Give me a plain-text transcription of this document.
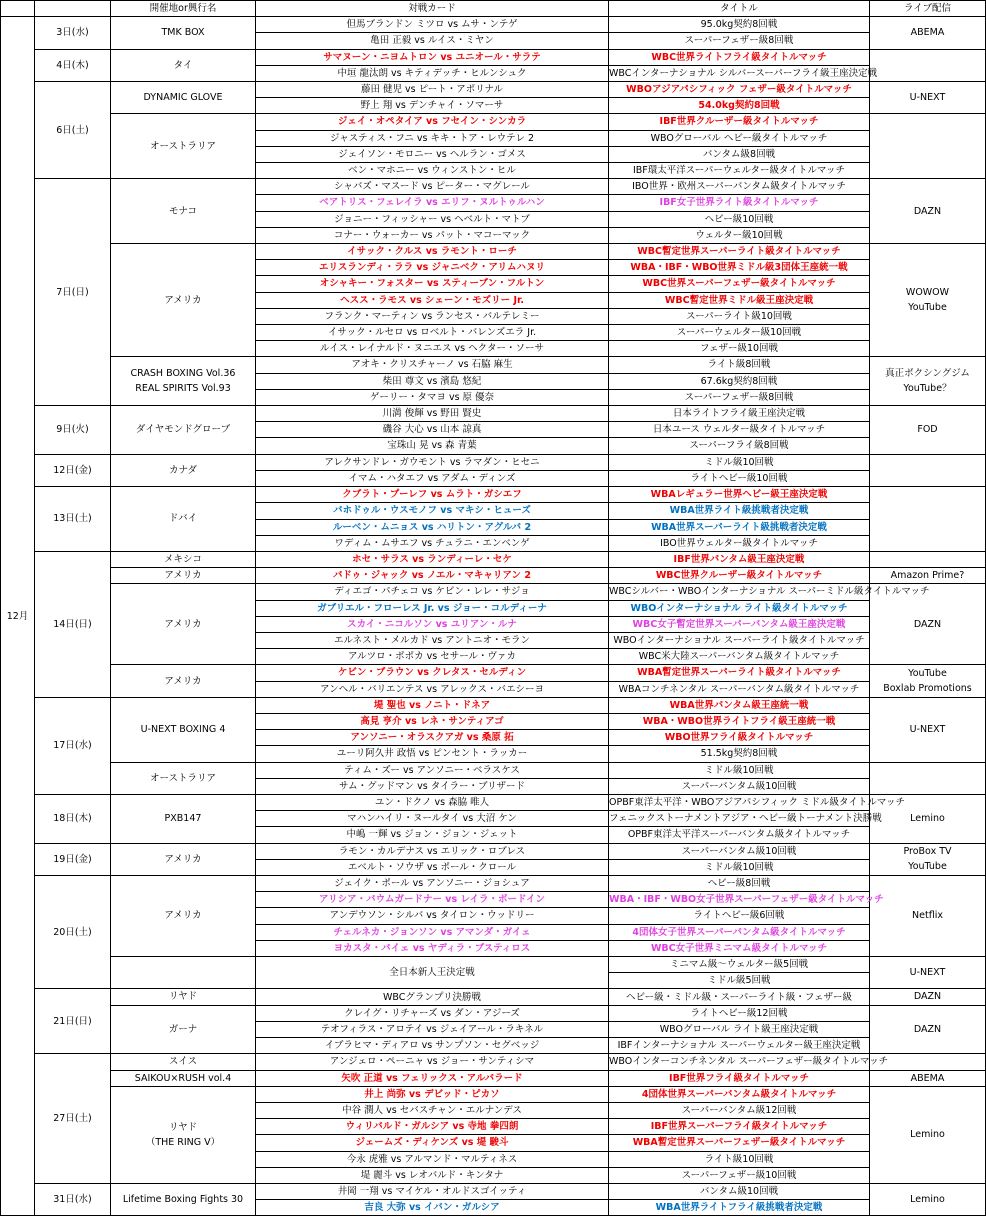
		開催地or興行名	対戦カード	タイトル	ライブ配信
12月	3日(水)	TMK BOX	但馬ブランドン ミツロ vs ムサ・ンテゲ	95.0kg契約8回戦	ABEMA

			亀田 正毅 vs ルイス・ミヤン	スーパーフェザー級8回戦	
	4日(木)	タイ	サマヌーン・ニヨムトロン vs ユニオール・サラテ	WBC世界ライトフライ級タイトルマッチ	
			中垣 龍汰朗 vs キティデッチ・ヒルンシュク	WBCインターナショナル シルバースーパーフライ級王座決定戦	
	6日(土)	DYNAMIC GLOVE	藤田 健児 vs ピート・アポリナル	WBOアジアパシフィック フェザー級タイトルマッチ	U-NEXT

			野上 翔 vs デンチャイ・ソマーサ	54.0kg契約8回戦	

		オーストラリア	ジェイ・オペタイア vs フセイン・シンカラ	IBF世界クルーザー級タイトルマッチ	
			ジャスティス・フニ vs キキ・トア・レウテレ 2	WBOグローバル ヘビー級タイトルマッチ	
			ジェイソン・モロニー vs ヘルラン・ゴメス	バンタム級8回戦	
			ベン・マホニー vs ウィンストン・ヒル	IBF環太平洋スーパーウェルター級タイトルマッチ	
	7日(日)	モナコ	シャバズ・マスード vs ピーター・マグレール	IBO世界・欧州スーパーバンタム級タイトルマッチ	DAZN

			ベアトリス・フェレイラ vs エリフ・ヌルトゥルハン	IBF女子世界ライト級タイトルマッチ	
			ジョニー・フィッシャー vs ヘベルト・マトブ	ヘビー級10回戦	
			コナー・ウォーカー vs パット・マコーマック	ウェルター級10回戦	

		アメリカ	イサック・クルス vs ラモント・ローチ	WBC暫定世界スーパーライト級タイトルマッチ	WOWOW
YouTube

			エリスランディ・ララ vs ジャニベク・アリムハヌリ	WBA・IBF・WBO世界ミドル級3団体王座統一戦	
			オシャキー・フォスター vs スティーブン・フルトン	WBC世界スーパーフェザー級タイトルマッチ	
			ヘスス・ラモス vs シェーン・モズリー Jr.	WBC暫定世界ミドル級王座決定戦	
			フランク・マーティン vs ランセス・バルテレミー	スーパーライト級10回戦	
			イサック・ルセロ vs ロベルト・バレンズエラ Jr.	スーパーウェルター級10回戦	
			ルイス・レイナルド・ヌニエス vs ヘクター・ソーサ	フェザー級10回戦	

		CRASH BOXING Vol.36
REAL SPIRITS Vol.93	アオキ・クリスチャーノ vs 石脇 麻生	ライト級8回戦	真正ボクシングジム
YouTube？

			柴田 尊文 vs 濱島 悠紀	67.6kg契約8回戦	
			ゲーリー・タマヨ vs 原 優奈	スーパーフェザー級8回戦	
	9日(火)	ダイヤモンドグローブ	川満 俊輝 vs 野田 賢史	日本ライトフライ級王座決定戦	FOD

			磯谷 大心 vs 山本 諒真	日本ユース ウェルター級タイトルマッチ	
			宝珠山 晃 vs 森 青葉	スーパーフライ級8回戦	
	12日(金)	カナダ	アレクサンドレ・ガウモント vs ラマダン・ヒセニ	ミドル級10回戦	
			イマム・ハタエフ vs アダム・ディンズ	ライトヘビー級10回戦	
	13日(土)	ドバイ	クブラト・プーレフ vs ムラト・ガシエフ	WBAレギュラー世界ヘビー級王座決定戦	
			バホドゥル・ウスモノフ vs マキシ・ヒューズ	WBA世界ライト級挑戦者決定戦	
			ルーベン・ムニョス vs ハリトン・アグルバ 2	WBA世界スーパーライト級挑戦者決定戦	
			ワディム・ムサエフ vs チュラニ・エンベンゲ	IBO世界ウェルター級タイトルマッチ	
	14日(日)	メキシコ	ホセ・サラス vs ランディーレ・セケ	IBF世界バンタム級王座決定戦	

		アメリカ	バドゥ・ジャック vs ノエル・マキャリアン 2	WBC世界クルーザー級タイトルマッチ	Amazon Prime?

		アメリカ	ディエゴ・パチェコ vs ケビン・レレ・サジョ	WBCシルバー・WBOインターナショナル スーパーミドル級タイトルマッチ	DAZN

			ガブリエル・フローレス Jr. vs ジョー・コルディーナ	WBOインターナショナル ライト級タイトルマッチ	
			スカイ・ニコルソン vs ユリアン・ルナ	WBC女子暫定世界スーパーバンタム級王座決定戦	
			エルネスト・メルカド vs アントニオ・モラン	WBOインターナショナル スーパーライト級タイトルマッチ	
			アルツロ・ポポカ vs セサール・ヴァカ	WBC米大陸スーパーバンタム級タイトルマッチ	

		アメリカ	ケビン・ブラウン vs クレタス・セルディン	WBA暫定世界スーパーライト級タイトルマッチ	YouTube
Boxlab Promotions

			アンヘル・バリエンテス vs アレックス・バエシーヨ	WBAコンチネンタル スーパーバンタム級タイトルマッチ	
	17日(水)	U-NEXT BOXING 4	堤 聖也 vs ノニト・ドネア	WBA世界バンタム級王座統一戦	U-NEXT

			高見 亨介 vs レネ・サンティアゴ	WBA・WBO世界ライトフライ級王座統一戦	
			アンソニー・オラスクアガ vs 桑原 拓	WBO世界フライ級タイトルマッチ	
			ユーリ阿久井 政悟 vs ピンセント・ラッカー	51.5kg契約8回戦	

		オーストラリア	ティム・ズー vs アンソニー・ベラスケス	ミドル級10回戦	
			サム・グッドマン vs タイラー・ブリザード	スーパーバンタム級10回戦	
	18日(木)	PXB147	ユン・ドクノ vs 森脇 唯人	OPBF東洋太平洋・WBOアジアパシフィック ミドル級タイトルマッチ	Lemino

			マハンハイリ・ヌールタイ vs 大沼 ケン	フェニックストーナメントアジア・ヘビー級トーナメント決勝戦	
			中嶋 一輝 vs ジョン・ジョン・ジェット	OPBF東洋太平洋スーパーバンタム級タイトルマッチ	
	19日(金)	アメリカ	ラモン・カルデナス vs エリック・ロブレス	スーパーバンタム級10回戦	ProBox TV
YouTube

			エベルト・ソウザ vs ポール・クロール	ミドル級10回戦	
	20日(土)	アメリカ	ジェイク・ポール vs アンソニー・ジョシュア	ヘビー級8回戦	Netflix

			アリシア・バウムガードナー vs レイラ・ボードイン	WBA・IBF・WBO女子世界スーパーフェザー級タイトルマッチ	
			アンデウソン・シルバ vs タイロン・ウッドリー	ライトヘビー級6回戦	
			チェルネカ・ジョンソン vs アマンダ・ガイェ	4団体女子世界スーパーバンタム級タイトルマッチ	
			ヨカスタ・バイェ vs ヤディラ・ブスティロス	WBC女子世界ミニマム級タイトルマッチ	
			全日本新人王決定戦	ミニマム級～ウェルター級5回戦	U-NEXT

				ミドル級5回戦	
	21日(日)	リヤド	WBCグランプリ決勝戦	ヘビー級・ミドル級・スーパーライト級・フェザー級	DAZN

		ガーナ	クレイグ・リチャーズ vs ダン・アジーズ	ライトヘビー級12回戦	DAZN

			テオフィラス・アロテイ vs ジェイアール・ラキネル	WBOグローバル ライト級王座決定戦	
			イブラヒマ・ディアロ vs サンプソン・セグベッジ	IBFインターナショナル スーパーウェルター級王座決定戦	
	27日(土)	スイス	アンジェロ・ペーニャ vs ジョー・サンティシマ	WBOインターコンチネンタル スーパーフェザー級タイトルマッチ	

		SAIKOU×RUSH vol.4	矢吹 正道 vs フェリックス・アルバラード	IBF世界フライ級タイトルマッチ	ABEMA

		リヤド
（THE RING Ⅴ）	井上 尚弥 vs デビッド・ピカソ	4団体世界スーパーバンタム級タイトルマッチ	Lemino

			中谷 潤人 vs セバスチャン・エルナンデス	スーパーバンタム級12回戦	
			ウィリバルド・ガルシア vs 寺地 拳四朗	IBF世界スーパーフライ級タイトルマッチ	
			ジェームズ・ディケンズ vs 堤 駿斗	WBA暫定世界スーパーフェザー級タイトルマッチ	
			今永 虎雅 vs アルマンド・マルティネス	ライト級10回戦	
			堤 麗斗 vs レオバルド・キンタナ	スーパーフェザー級10回戦	
	31日(水)	Lifetime Boxing Fights 30	井岡 一翔 vs マイケル・オルドスゴイッティ	バンタム級10回戦	Lemino

			吉良 大弥 vs イバン・ガルシア	WBA世界ライトフライ級挑戦者決定戦	
